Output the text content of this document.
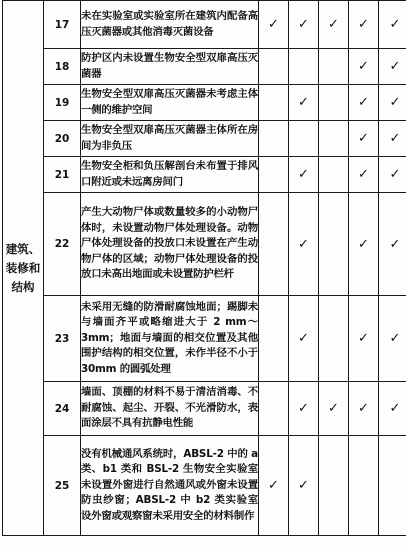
建筑、装修和结构	17	未在实验室或实验室所在建筑内配备高压灭菌器或其他消毒灭菌设备	✓	✓	✓	✓	✓
	18	防护区内未设置生物安全型双扉高压灭菌器				✓	✓
	19	生物安全型双扉高压灭菌器未考虑主体一侧的维护空间		✓		✓	✓
	20	生物安全型双扉高压灭菌器主体所在房间为非负压				✓	✓
	21	生物安全柜和负压解剖台未布置于排风口附近或未远离房间门		✓		✓	✓
	22	产生大动物尸体或数量较多的小动物尸体时，未设置动物尸体处理设备。动物尸体处理设备的投放口未设置在产生动物尸体的区域；动物尸体处理设备的投放口未高出地面或未设置防护栏杆		✓		✓	✓
	23	未采用无缝的防滑耐腐蚀地面；踢脚未与墙面齐平或略缩进大于 2 mm～3mm；地面与墙面的相交位置及其他围护结构的相交位置，未作半径不小于 30mm 的圆弧处理		✓		✓	✓
	24	墙面、顶棚的材料不易于清洁消毒、不耐腐蚀、起尘、开裂、不光滑防水，表面涂层不具有抗静电性能		✓	✓	✓	✓
	25	没有机械通风系统时，ABSL-2 中的 a 类、b1 类和 BSL-2 生物安全实验室未设置外窗进行自然通风或外窗未设置防虫纱窗；ABSL-2 中 b2 类实验室设外窗或观察窗未采用安全的材料制作	✓	✓			
